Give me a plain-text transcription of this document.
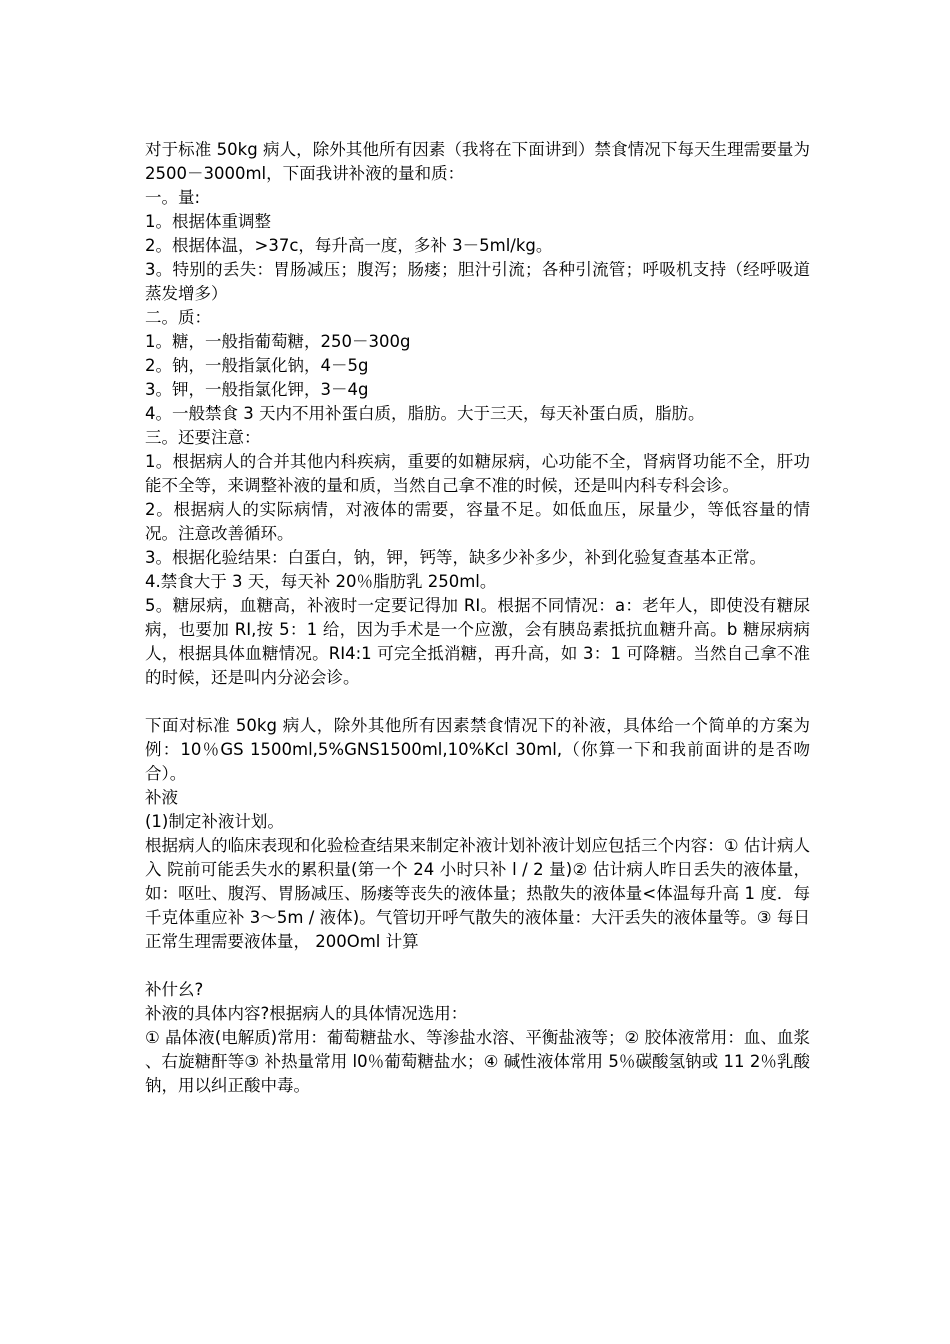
对于标准 50kg 病人，除外其他所有因素（我将在下面讲到）禁食情况下每天生理需要量为 2500－3000ml，下面我讲补液的量和质：

一。量:

1。根据体重调整

2。根据体温，>37c，每升高一度，多补 3－5ml/kg。

3。特别的丢失：胃肠减压；腹泻；肠瘘；胆汁引流；各种引流管；呼吸机支持（经呼吸道蒸发增多）

二。质：

1。糖，一般指葡萄糖，250－300g

2。钠，一般指氯化钠，4－5g

3。钾，一般指氯化钾，3－4g

4。一般禁食 3 天内不用补蛋白质，脂肪。大于三天，每天补蛋白质，脂肪。

三。还要注意：

1。根据病人的合并其他内科疾病，重要的如糖尿病，心功能不全，肾病肾功能不全，肝功能不全等，来调整补液的量和质，当然自己拿不准的时候，还是叫内科专科会诊。

2。根据病人的实际病情，对液体的需要，容量不足。如低血压，尿量少，等低容量的情况。注意改善循环。

3。根据化验结果：白蛋白，钠，钾，钙等，缺多少补多少，补到化验复查基本正常。

4.禁食大于 3 天，每天补 20％脂肪乳 250ml。

5。糖尿病，血糖高，补液时一定要记得加 RI。根据不同情况：a：老年人，即使没有糖尿病，也要加 RI,按 5：1 给，因为手术是一个应激，会有胰岛素抵抗血糖升高。b 糖尿病病人，根据具体血糖情况。RI4:1 可完全抵消糖，再升高，如 3：1 可降糖。当然自己拿不准的时候，还是叫内分泌会诊。

下面对标准 50kg 病人，除外其他所有因素禁食情况下的补液，具体给一个简单的方案为例：10％GS 1500ml,5%GNS1500ml,10%Kcl 30ml,（你算一下和我前面讲的是否吻合）。

补液

(1)制定补液计划。

根据病人的临床表现和化验检查结果来制定补液计划补液计划应包括三个内容：① 估计病人入 院前可能丢失水的累积量(第一个 24 小时只补 l / 2 量)② 估计病人昨日丢失的液体量，如：呕吐、腹泻、胃肠减压、肠瘘等丧失的液体量；热散失的液体量<体温每升高 1 度．每千克体重应补 3～5m / 液体)。气管切开呼气散失的液体量：大汗丢失的液体量等。③ 每日正常生理需要液体量， 200Oml 计算

补什幺?

补液的具体内容?根据病人的具体情况选用：

① 晶体液(电解质)常用：葡萄糖盐水、等渗盐水溶、平衡盐液等；② 胶体液常用：血、血浆 、右旋糖酐等③ 补热量常用 l0％葡萄糖盐水；④ 碱性液体常用 5％碳酸氢钠或 11 2％乳酸钠，用以纠正酸中毒。
